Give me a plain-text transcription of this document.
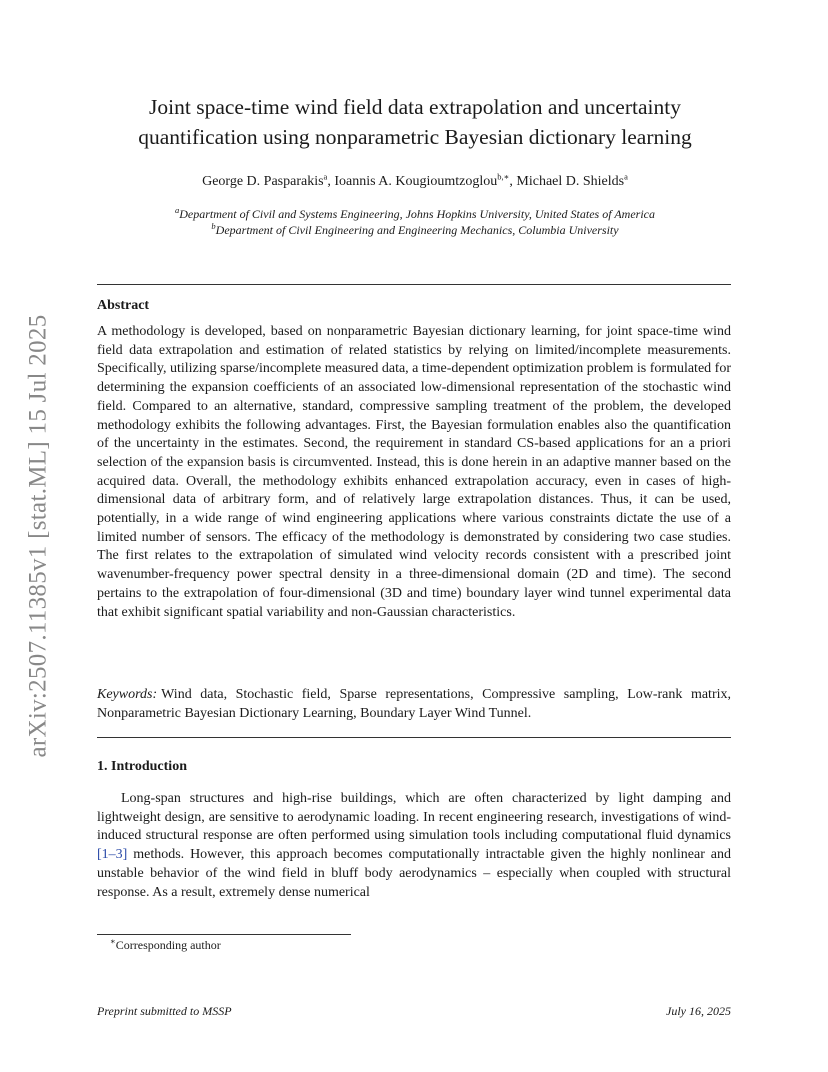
arXiv:2507.11385v1 [stat.ML] 15 Jul 2025
Joint space-time wind field data extrapolation and uncertainty
quantification using nonparametric Bayesian dictionary learning
George D. Pasparakis$^a$, Ioannis A. Kougioumtzoglou$^{b,∗}$, Michael D. Shields$^a$
$^a$Department of Civil and Systems Engineering, Johns Hopkins University, United States of America
$^b$Department of Civil Engineering and Engineering Mechanics, Columbia University
Abstract

A methodology is developed, based on nonparametric Bayesian dictionary learning, for joint space-time wind field data extrapolation and estimation of related statistics by relying on limited/incomplete measurements. Specifically, utilizing sparse/incomplete measured data, a time-dependent optimization problem is formulated for determining the expansion coefficients of an associated low-dimensional representation of the stochastic wind field. Compared to an alternative, standard, compressive sampling treatment of the problem, the developed methodology exhibits the following advantages. First, the Bayesian formulation enables also the quantification of the uncertainty in the estimates. Second, the requirement in standard CS-based applications for an a priori selection of the expansion basis is circumvented. Instead, this is done herein in an adaptive manner based on the acquired data. Overall, the methodology exhibits enhanced extrapolation accuracy, even in cases of high-dimensional data of arbitrary form, and of relatively large extrapolation distances. Thus, it can be used, potentially, in a wide range of wind engineering applications where various constraints dictate the use of a limited number of sensors. The efficacy of the methodology is demonstrated by considering two case studies. The first relates to the extrapolation of simulated wind velocity records consistent with a prescribed joint wavenumber-frequency power spectral density in a three-dimensional domain (2D and time). The second pertains to the extrapolation of four-dimensional (3D and time) boundary layer wind tunnel experimental data that exhibit significant spatial variability and non-Gaussian characteristics.

Keywords: Wind data, Stochastic field, Sparse representations, Compressive sampling, Low-rank matrix, Nonparametric Bayesian Dictionary Learning, Boundary Layer Wind Tunnel.

1. Introduction

Long-span structures and high-rise buildings, which are often characterized by light damping and lightweight design, are sensitive to aerodynamic loading. In recent engineering research, investigations of wind-induced structural response are often performed using simulation tools including computational fluid dynamics [1–3] methods. However, this approach becomes computationally intractable given the highly nonlinear and unstable behavior of the wind field in bluff body aerodynamics – especially when coupled with structural response. As a result, extremely dense numerical

∗Corresponding author
Preprint submitted to MSSP	July 16, 2025
